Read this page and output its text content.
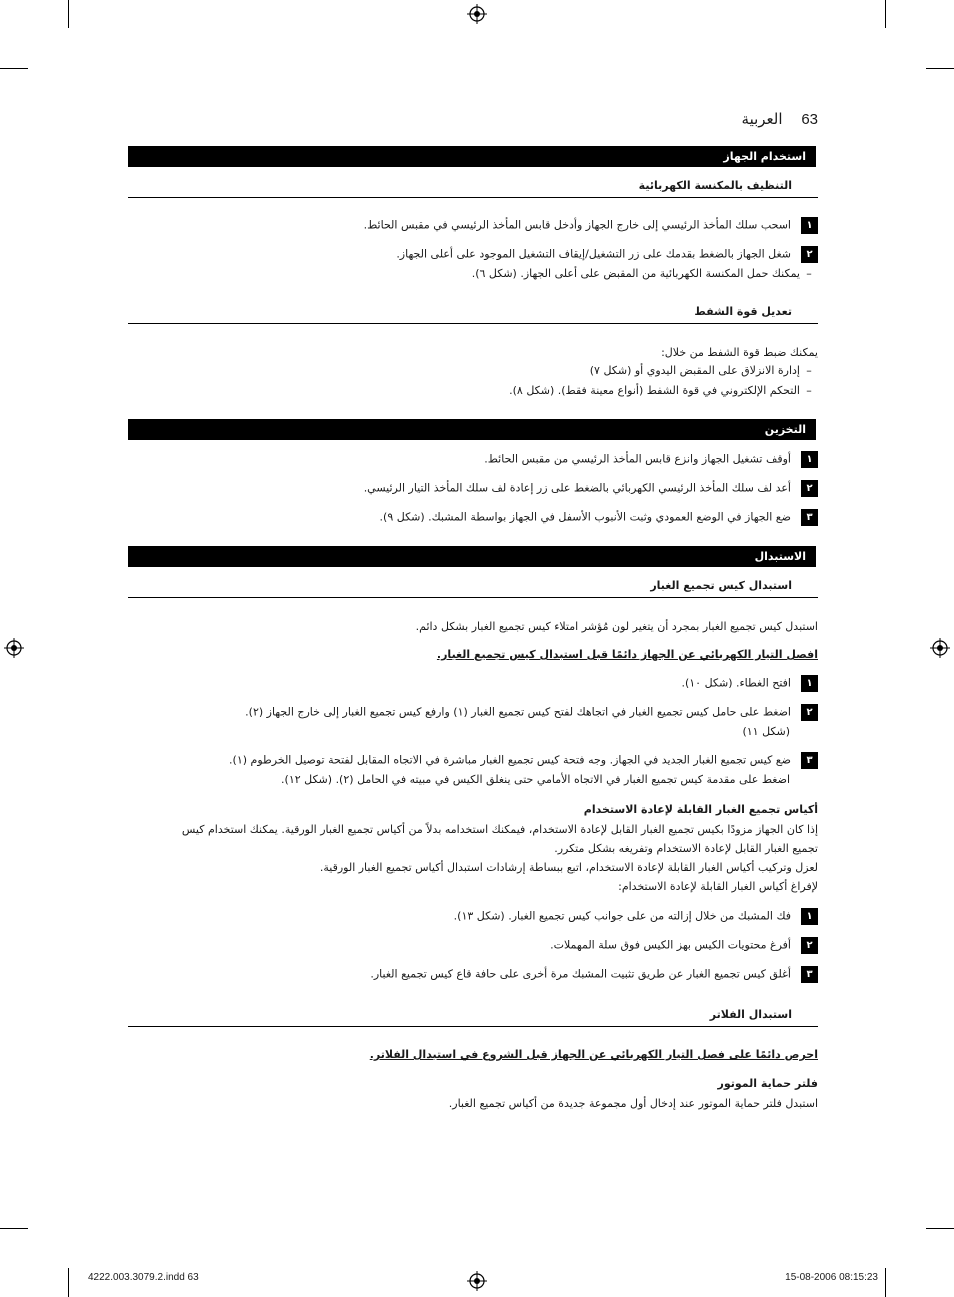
63 العربية
استخدام الجهاز
التنظيف بالمكنسة الكهربائية
١اسحب سلك المأخذ الرئيسي إلى خارج الجهاز وأدخل قابس المأخذ الرئيسي في مقبس الحائط.
٢شغل الجهاز بالضغط بقدمك على زر التشغيل/إيقاف التشغيل الموجود على أعلى الجهاز.
–يمكنك حمل المكنسة الكهربائية من المقبض على أعلى الجهاز. (شكل ٦).
تعديل قوة الشفط
يمكنك ضبط قوة الشفط من خلال:
–إدارة الانزلاق على المقبض اليدوي أو (شكل ٧)
–التحكم الإلكتروني في قوة الشفط (أنواع معينة فقط). (شكل ٨).
التخزين
١أوقف تشغيل الجهاز وانزع قابس المأخذ الرئيسي من مقبس الحائط.
٢أعد لف سلك المأخذ الرئيسي الكهربائي بالضغط على زر إعادة لف سلك المأخذ التيار الرئيسي.
٣ضع الجهاز في الوضع العمودي وثبت الأنبوب الأسفل في الجهاز بواسطة المشبك. (شكل ٩).
الاستبدال
استبدال كيس تجميع الغبار
استبدل كيس تجميع الغبار بمجرد أن يتغير لون مُؤشر امتلاء كيس تجميع الغبار بشكل دائم.
افصل التيار الكهربائي عن الجهاز دائمًا قبل استبدال كيس تجميع الغبار.
١افتح الغطاء. (شكل ١٠).
٢اضغط على حامل كيس تجميع الغبار في اتجاهك لفتح كيس تجميع الغبار (١) وارفع كيس تجميع الغبار إلى خارج الجهاز (٢).
(شكل ١١)
٣ضع كيس تجميع الغبار الجديد في الجهاز. وجه فتحة كيس تجميع الغبار مباشرة في الاتجاه المقابل لفتحة توصيل الخرطوم (١).
اضغط على مقدمة كيس تجميع الغبار في الاتجاه الأمامي حتى ينغلق الكيس في مبيته في الحامل (٢). (شكل ١٢).
أكياس تجميع الغبار القابلة لإعادة الاستخدام
إذا كان الجهاز مزودًا بكيس تجميع الغبار القابل لإعادة الاستخدام، فيمكنك استخدامه بدلاً من أكياس تجميع الغبار الورقية. يمكنك استخدام كيس
تجميع الغبار القابل لإعادة الاستخدام وتفريغه بشكل متكرر.
لعزل وتركيب أكياس الغبار القابلة لإعادة الاستخدام، اتبع ببساطة إرشادات استبدال أكياس تجميع الغبار الورقية.
لإفراغ أكياس الغبار القابلة لإعادة الاستخدام:
١فك المشبك من خلال إزالته من على جوانب كيس تجميع الغبار. (شكل ١٣).
٢أفرغ محتويات الكيس بهز الكيس فوق سلة المهملات.
٣أغلق كيس تجميع الغبار عن طريق تثبيت المشبك مرة أخرى على حافة قاع كيس تجميع الغبار.
استبدال الفلاتر
احرص دائمًا على فصل التيار الكهربائي عن الجهاز قبل الشروع في استبدال الفلاتر.
فلتر حماية الموتور
استبدل فلتر حماية الموتور عند إدخال أول مجموعة جديدة من أكياس تجميع الغبار.
4222.003.3079.2.indd 63	15-08-2006 08:15:23
